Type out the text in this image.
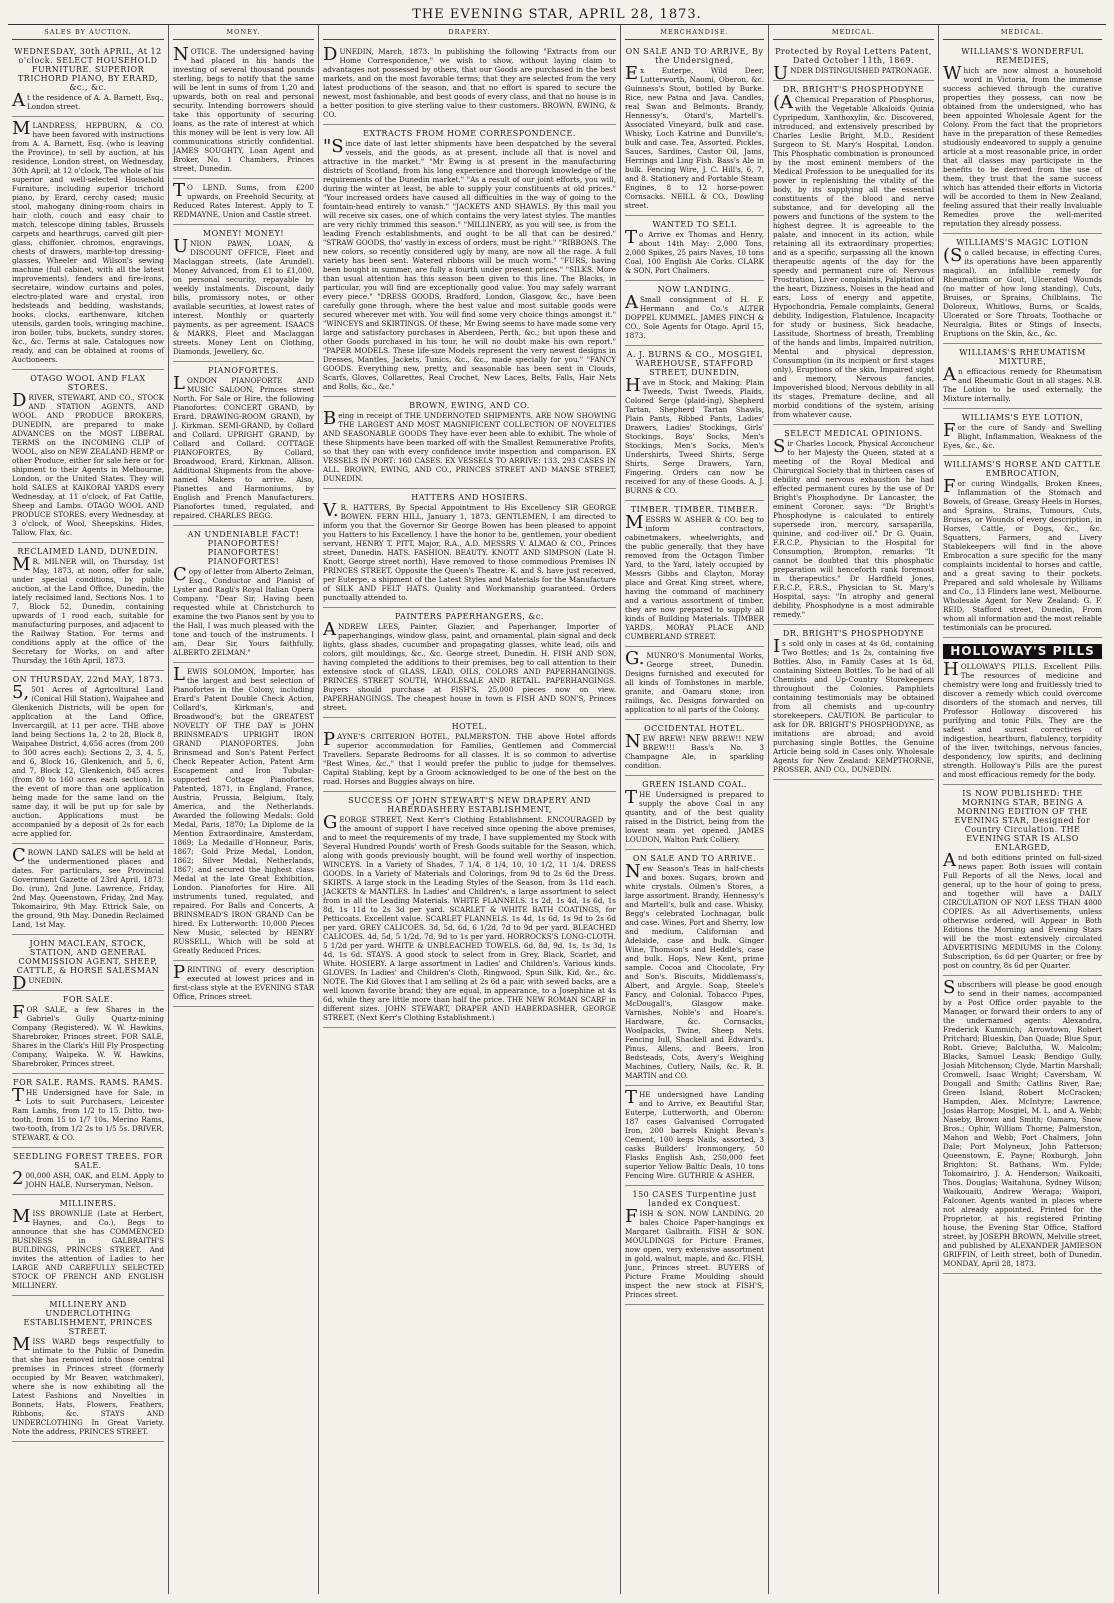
THE EVENING STAR, APRIL 28, 1873.
SALES BY AUCTION.
WEDNESDAY, 30th APRIL, At 12 o'clock. SELECT HOUSEHOLD FURNITURE. SUPERIOR TRICHORD PIANO, BY ERARD, &c., &c.

At the residence of A. A. Barnett, Esq., London street.

MLANDRESS, HEPBURN, & CO. have been favored with instructions from A. A. Barnett, Esq. (who is leaving the Province), to sell by auction, at his residence, London street, on Wednesday, 30th April, at 12 o'clock, The whole of his superior and well-selected Household Furniture, including superior trichord piano, by Erard, cerchy cased; music stool, mahogany dining-room chairs in hair cloth, couch and easy chair to match, telescope dining tables, Brussels carpets and hearthrugs, carved gilt pier-glass, chiffonier, chromos, engravings, chests of drawers, marble-top dressing-glasses, Wheeler and Wilson's sewing machine (full cabinet, with all the latest improvements), fenders and fire-irons, secretaire, window curtains and poles, electro-plated ware and crystal, iron bedsteads and bedding, washstands, books, clocks, earthenware, kitchen utensils, garden tools, wringing machine, iron boiler, tubs, buckets, sundry stores, &c., &c. Terms at sale. Catalogues now ready, and can be obtained at rooms of Auctioneers.

OTAGO WOOL AND FLAX STORES.

DRIVER, STEWART, AND CO., STOCK AND STATION AGENTS, AND WOOL AND PRODUCE BROKERS, DUNEDIN, are prepared to make ADVANCES on the MOST LIBERAL TERMS on the INCOMING CLIP of WOOL, also on NEW ZEALAND HEMP or other Produce, either for sale here or for shipment to their Agents in Melbourne, London, or the United States. They will hold SALES at KAIKORAI YARDS every Wednesday, at 11 o'clock, of Fat Cattle, Sheep and Lambs. OTAGO WOOL AND PRODUCE STORES, every Wednesday, at 3 o'clock, of Wool, Sheepskins, Hides, Tallow, Flax, &c.

RECLAIMED LAND, DUNEDIN.

MR. MILNER will, on Thursday, 1st May, 1873, at noon, offer for sale, under special conditions, by public auction, at the Land Office, Dunedin, the lately reclaimed land, Sections Nos. 1 to 7, Block 52, Dunedin, containing upwards of 1 rood each, suitable for manufacturing purposes, and adjacent to the Railway Station. For terms and conditions apply at the office of the Secretary for Works, on and after Thursday, the 16th April, 1873.

ON THURSDAY, 22nd MAY, 1873.

5,501 Acres of Agricultural Land (Conical Hill Station), Waipahee and Glenkenich Districts, will be open for application at the Land Office, Invercargill, at 11 per acre. THE above land being Sections 1a, 2 to 28, Block 8, Waipahee District, 4,656 acres (from 200 to 300 acres each); Sections 2, 3, 4, 5, and 6, Block 16, Glenkenich, and 5, 6, and 7, Block 12, Glenkenich, 845 acres (from 80 to 160 acres each section). In the event of more than one application being made for the same land on the same day, it will be put up for sale by auction. Applications must be accompanied by a deposit of 2s for each acre applied for.

CROWN LAND SALES will be held at the undermentioned places and dates. For particulars, see Provincial Government Gazette of 23rd April, 1873: Do. (run), 2nd June. Lawrence, Friday, 2nd May. Queenstown, Friday, 2nd May. Tokomairiro, 9th May. Ettrick Sale, on the ground, 9th May. Dunedin Reclaimed Land, 1st May.

JOHN MACLEAN, STOCK, STATION, AND GENERAL COMMISSION AGENT, SHEEP, CATTLE, & HORSE SALESMAN

DUNEDIN.

FOR SALE.

FOR SALE, a few Shares in the Gabriel's Gully Quartz-mining Company (Registered). W. W. Hawkins, Sharebroker, Princes street. FOR SALE, Shares in the Clark's Hill Fly Prospecting Company, Waipeka. W. W. Hawkins, Sharebroker, Princes street.

FOR SALE. RAMS. RAMS. RAMS.

THE Undersigned have for Sale, in Lots to suit Purchasers, Leicester Ram Lambs, from 1/2 to 15. Ditto, two-tooth, from 15 to 1/7 10s. Merino Rams, two-tooth, from 1/2 2s to 1/5 5s. DRIVER, STEWART, & CO.

SEEDLING FOREST TREES. FOR SALE.

200,000 ASH, OAK, and ELM. Apply to JOHN HALE, Nurseryman, Nelson.

MILLINERS.

MISS BROWNLIE (Late at Herbert, Haynes, and Co.), Begs to announce that she has COMMENCED BUSINESS in GALBRAITH'S BUILDINGS, PRINCES STREET, And invites the attention of Ladies to her LARGE AND CAREFULLY SELECTED STOCK OF FRENCH AND ENGLISH MILLINERY.

MILLINERY AND UNDERCLOTHING ESTABLISHMENT, PRINCES STREET.

MISS WARD begs respectfully to intimate to the Public of Dunedin that she has removed into those central premises in Princes street (formerly occupied by Mr Beaver, watchmaker), where she is now exhibiting all the Latest Fashions and Novelties in Bonnets, Hats, Flowers, Feathers, Ribbons, &c. STAYS AND UNDERCLOTHING In Great Variety. Note the address, PRINCES STREET.

MONEY.

NOTICE. The undersigned having had placed in his hands the investing of several thousand pounds sterling, begs to notify that the same will be lent in sums of from 1,20 and upwards, both on real and personal security. Intending borrowers should take this opportunity of securing loans, as the rate of interest at which this money will be lent is very low. All communications strictly confidential. JAMES SOUGHTY, Loan Agent and Broker, No. 1 Chambers, Princes street, Dunedin.

TO LEND. Sums, from £200 upwards, on Freehold Security, at Reduced Rates Interest. Apply to T. REDMAYNE, Union and Castle street.

MONEY! MONEY!

UNION PAWN, LOAN, & DISCOUNT OFFICE, Fleet and Maclaggan streets, (late Arundel). Money Advanced, from £1 to £1,000, on personal security, repayable by weekly instalments. Discount, daily bills, promissory notes, or other available securities, at lowest rates of interest. Monthly or quarterly payments, as per agreement. ISAACS & MARKS, Fleet and Maclaggan streets. Money Lent on Clothing, Diamonds, Jewellery, &c.

PIANOFORTES.

LONDON PIANOFORTE AND MUSIC SALOON, Princes street North. For Sale or Hire, the following Pianofortes: CONCERT GRAND, by Erard. DRAWING-ROOM GRAND, by J. Kirkman. SEMI-GRAND, by Collard and Collard. UPRIGHT GRAND, by Collard and Collard. COTTAGE PIANOFORTES, By Collard, Broadwood, Erard, Kirkman, Allison. Additional Shipments from the above-named Makers to arrive. Also, Pianettes and Harmoniums, by English and French Manufacturers. Pianofortes tuned, regulated, and repaired. CHARLES BEGG.

AN UNDENIABLE FACT! PIANOFORTES! PIANOFORTES! PIANOFORTES!

Copy of letter from Alberto Zelman, Esq., Conductor and Pianist of Lyster and Ragli's Royal Italian Opera Company. "Dear Sir, Having been requested while at Christchurch to examine the two Pianos sent by you to the Hall, I was much pleased with the tone and touch of the instruments. I am, Dear Sir, Yours faithfully, ALBERTO ZELMAN."

LEWIS SOLOMON, Importer, has the largest and best selection of Pianofortes in the Colony, including Erard's Patent Double Check Action, Collard's, Kirkman's, and Broadwood's; but the GREATEST NOVELTY OF THE DAY is JOHN BRINSMEAD'S UPRIGHT IRON GRAND PIANOFORTES. John Brinsmead and Son's Patent Perfect Check Repeater Action, Patent Arm Escapement and Iron Tubular-supported Cottage Pianofortes. Patented, 1871, in England, France, Austria, Prussia, Belgium, Italy, America, and the Netherlands. Awarded the following Medals: Gold Medal, Paris, 1870; La Diplome de la Mention Extraordinaire, Amsterdam, 1869; La Medaille d'Honneur, Paris, 1867; Gold Prize Medal, London, 1862; Silver Medal, Netherlands, 1867; and secured the highest class Medal at the late Great Exhibition, London. Pianofortes for Hire. All instruments tuned, regulated, and repaired. For Balls and Concerts, A BRINSMEAD'S IRON GRAND Can be hired. Ex Lutterworth: 10,000 Pieces New Music, selected by HENRY RUSSELL, Which will be sold at Greatly Reduced Prices.

PRINTING of every description executed at lowest prices and in first-class style at the EVENING STAR Office, Princes street.

DRAPERY.

DUNEDIN, March, 1873. In publishing the following "Extracts from our Home Correspondence," we wish to show, without laying claim to advantages not possessed by others, that our Goods are purchased in the best markets, and on the most favorable terms; that they are selected from the very latest productions of the season, and that no effort is spared to secure the newest, most fashionable, and best goods of every class, and that no house is in a better position to give sterling value to their customers. BROWN, EWING, & CO.

EXTRACTS FROM HOME CORRESPONDENCE.

"Since date of last letter shipments have been despatched by the several vessels, and the goods, as at present, include all that is novel and attractive in the market." "Mr Ewing is at present in the manufacturing districts of Scotland, from his long experience and thorough knowledge of the requirements of the Dunedin market." "As a result of our joint efforts, you will, during the winter at least, be able to supply your constituents at old prices." "Your increased orders have caused all difficulties in the way of going to the fountain-head entirely to vanish." "JACKETS AND SHAWLS. By this mail you will receive six cases, one of which contains the very latest styles. The mantles are very richly trimmed this season." "MILLINERY, as you will see, is from the leading French establishments, and ought to be all that can be desired." "STRAW GOODS, tho' vastly in excess of orders, must be right." "RIBBONS. The new colors, so recently considered ugly by many, are now all the rage. A full variety has been sent. Watered ribbons will be much worn." "FURS, having been bought in summer, are fully a fourth under present prices." "SILKS. More than usual attention has this season been given to this line. The Blacks, in particular, you will find are exceptionally good value. You may safely warrant every piece." "DRESS GOODS, Bradford, London, Glasgow, &c., have been carefully gone through, where the best value and most suitable goods were secured wherever met with. You will find some very choice things amongst it." "WINCEYS and SKIRTINGS. Of these, Mr Ewing seems to have made some very large and satisfactory purchases in Aberdeen, Perth, &c.; but upon these and other Goods purchased in his tour, he will no doubt make his own report." "PAPER MODELS. These life-size Models represent the very newest designs in Dresses, Mantles, Jackets, Tunics, &c., &c., made specially for you." "FANCY GOODS. Everything new, pretty, and seasonable has been sent in Clouds, Scarfs, Gloves, Collarettes, Real Crochet, New Laces, Belts, Falls, Hair Nets and Rolls, &c., &c."

BROWN, EWING, AND CO.

Being in receipt of THE UNDERNOTED SHIPMENTS, ARE NOW SHOWING THE LARGEST AND MOST MAGNIFICENT COLLECTION OF NOVELTIES AND SEASONABLE GOODS They have ever been able to exhibit. The whole of these Shipments have been marked off with the Smallest Remunerative Profits, so that they can with every confidence invite inspection and comparison. EX VESSELS IN PORT: 160 CASES. EX VESSELS TO ARRIVE: 133. 293 CASES IN ALL. BROWN, EWING, AND CO., PRINCES STREET AND MANSE STREET, DUNEDIN.

HATTERS AND HOSIERS.

V.R. HATTERS, By Special Appointment to His Excellency SIR GEORGE BOWEN. FERN HILL, January 1, 1873. GENTLEMEN, I am directed to inform you that the Governor Sir George Bowen has been pleased to appoint you Hatters to his Excellency. I have the honor to be, gentlemen, your obedient servant, HENRY T. PITT, Major, R.A., A.D. MESSRS V. ALMAO & CO., Princes street, Dunedin. HATS. FASHION. BEAUTY. KNOTT AND SIMPSON (Late H. Knott, George street north), Have removed to those commodious Premises IN PRINCES STREET, Opposite the Queen's Theatre. K. and S. have just received, per Euterpe, a shipment of the Latest Styles and Materials for the Manufacture of SILK AND FELT HATS. Quality and Workmanship guaranteed. Orders punctually attended to.

PAINTERS PAPERHANGERS, &c.

ANDREW LEES, Painter, Glazier, and Paperhanger, Importer of paperhangings, window glass, paint, and ornamental, plain signal and deck lights, glass shades, cucumber and propagating glasses, white lead, oils and colors, gilt mouldings, &c., &c. George street, Dunedin. H. FISH AND SON, having completed the additions to their premises, beg to call attention to their extensive stock of GLASS, LEAD, OILS, COLORS AND PAPERHANGINGS. PRINCES STREET SOUTH, WHOLESALE AND RETAIL. PAPERHANGINGS. Buyers should purchase at FISH'S. 25,000 pieces now on view. PAPERHANGINGS. The cheapest house in town is FISH AND SON'S, Princes street.

HOTEL.

PAYNE'S CRITERION HOTEL, PALMERSTON. THE above Hotel affords superior accommodation for Families, Gentlemen and Commercial Travellers. Separate Bedrooms for all classes. It is so common to advertise "Best Wines, &c.," that I would prefer the public to judge for themselves. Capital Stabling, kept by a Groom acknowledged to be one of the best on the road. Horses and Buggies always on hire.

SUCCESS OF JOHN STEWART'S NEW DRAPERY AND HABERDASHERY ESTABLISHMENT,

GEORGE STREET, Next Kerr's Clothing Establishment. ENCOURAGED by the amount of support I have received since opening the above premises, and to meet the requirements of my trade, I have supplemented my Stock with Several Hundred Pounds' worth of Fresh Goods suitable for the Season, which, along with goods previously bought, will be found well worthy of inspection. WINCEYS. In a Variety of Shades, 7 1/4, 8 1/4, 10, 10 1/2, 11 1/4. DRESS GOODS. In a Variety of Materials and Colorings, from 9d to 2s 6d the Dress. SKIRTS. A large stock in the Leading Styles of the Season, from 3s 11d each. JACKETS & MANTLES. In Ladies' and Children's, a large assortment to select from in all the Leading Materials. WHITE FLANNELS. 1s 2d, 1s 4d, 1s 6d, 1s 8d, 1s 11d to 2s 3d per yard. SCARLET & WHITE BATH COATINGS, for Petticoats. Excellent value. SCARLET FLANNELS. 1s 4d, 1s 6d, 1s 9d to 2s 6d per yard. GREY CALICOES. 3d, 5d, 6d, 6 1/2d, 7d to 9d per yard. BLEACHED CALICOES. 4d, 5d, 5 1/2d, 7d, 9d to 1s per yard. HORROCKS'S LONG-CLOTH. 5 1/2d per yard. WHITE & UNBLEACHED TOWELS. 6d, 8d, 9d, 1s, 1s 3d, 1s 4d, 1s 6d. STAYS. A good stock to select from in Grey, Black, Scarlet, and White. HOSIERY. A large assortment in Ladies' and Children's. Various kinds. GLOVES. In Ladies' and Children's Cloth, Ringwood, Spun Silk, Kid, &c., &c. NOTE. The Kid Gloves that I am selling at 2s 6d a pair, with sewed backs, are a well known favorite brand; they are equal, in appearance, to a Josephine at 4s 6d, while they are little more than half the price. THE NEW ROMAN SCARF in different sizes. JOHN STEWART, DRAPER AND HABERDASHER, GEORGE STREET, (Next Kerr's Clothing Establishment.)

MERCHANDISE.
ON SALE AND TO ARRIVE, By the Undersigned,

Ex Euterpe, Wild Deer, Lutterworth, Naomi, Oberon, &c. Guinness's Stout, bottled by Burke. Rice, new Patna and Java. Candles, real Swan and Belmonts. Brandy, Hennessy's, Otard's, Martell's. Associated Vineyard, bulk and case. Whisky, Loch Katrine and Dunville's, bulk and case. Tea, Assorted. Pickles, Sauces, Sardines, Castor Oil, Jams, Herrings and Ling Fish. Bass's Ale in bulk. Fencing Wire, J. C. Hill's, 6, 7, and 8. Stationery and Portable Steam Engines, 8 to 12 horse-power. Cornsacks. NEILL & CO., Dowling street.

WANTED TO SELL

To Arrive ex Thomas and Henry, about 14th May: 2,000 Tons, 2,000 Spikes, 25 pairs Naves, 10 tons Coal, 100 English Ale Corks. CLARK & SON, Port Chalmers.

NOW LANDING.

ASmall consignment of H. F. Hermann and Co.'s ALTER DOPPEL KUMMEL. JAMES FINCH & CO., Sole Agents for Otago. April 15, 1873.

A. J. BURNS & CO., MOSGIEL WAREHOUSE, STAFFORD STREET, DUNEDIN,

Have in Stock, and Making: Plain Tweeds, Twist Tweeds, Plaids, Colored Serge (plaid-ing), Shepherd Tartan, Shepherd Tartan Shawls, Plain Pants, Ribbed Pants, Ladies' Drawers, Ladies' Stockings, Girls' Stockings, Boys' Socks, Men's Stockings, Men's Socks, Men's Undershirts, Tweed Shirts, Serge Shirts, Serge Drawers, Yarn, Fingering. Orders can now be received for any of these Goods. A. J. BURNS & CO.

TIMBER. TIMBER. TIMBER.

MESSRS W. ASHER & CO. beg to inform contractors, cabinetmakers, wheelwrights, and the public generally, that they have removed from the Octagon Timber Yard, to the Yard, lately occupied by Messrs Gibbs and Clayton, Moray place and Great King street, where, having the command of machinery and a various assortment of timber, they are now prepared to supply all kinds of Building Materials. TIMBER YARDS, MORAY PLACE AND CUMBERLAND STREET.

G.MUNRO'S Monumental Works, George street, Dunedin. Designs furnished and executed for all kinds of Tombstones in marble, granite, and Oamaru stone; iron railings, &c. Designs forwarded on application to all parts of the Colony.

OCCIDENTAL HOTEL.

NEW BREW! NEW BREW!! NEW BREW!!! Bass's No. 3 Champagne Ale, in sparkling condition.

GREEN ISLAND COAL.

THE Undersigned is prepared to supply the above Coal in any quantity, and of the best quality raised in the District, being from the lowest seam yet opened. JAMES LOUDON, Walton Park Colliery.

ON SALE AND TO ARRIVE.

New Season's Teas in half-chests and boxes. Sugars, brown and white crystals. Oilmen's Stores, a large assortment. Brandy, Hennessy's and Martell's, bulk and case. Whisky, Begg's celebrated Lochnagar, bulk and case. Wines, Port and Sherry, low and medium, Californian and Adelaide, case and bulk. Ginger Wine, Thomson's and Heddle's, case and bulk. Hops, New Kent, prime sample. Cocoa and Chocolate, Fry and Son's. Biscuits, Middlemass's, Albert, and Argyle. Soap, Steele's Fancy, and Colonial. Tobacco Pipes, McDougall's, Glasgow make. Varnishes, Noble's and Hoare's. Hardware, &c. Cornsacks, Woolpacks, Twine, Sheep Nets. Fencing Iull, Shackell and Edward's. Pinus, Allens, and Beers. Iron Bedsteads, Cots, Avery's Weighing Machines, Cutlery, Nails, &c. R. B. MARTIN and CO.

THE undersigned have Landing and to Arrive, ex Beautiful Star, Euterpe, Lutterworth, and Oberon: 187 cases Galvanised Corrugated Iron, 200 barrels Knight Bevan's Cement, 100 kegs Nails, assorted, 3 casks Builders' Ironmongery, 50 Flasks English Ash, 250,000 feet superior Yellow Baltic Deals, 10 tons Fencing Wire. GUTHRIE & ASHER.

150 CASES Turpentine just landed ex Conquest.

FISH & SON. NOW LANDING. 20 bales Choice Paper-hangings ex Margaret Galbraith. FISH & SON. MOULDINGS for Picture Frames, now open, very extensive assortment in gold, walnut, maple, and &c. FISH, Junr., Princes street. BUYERS of Picture Frame Moulding should inspect the new stock at FISH'S, Princes street.

MEDICAL.
Protected by Royal Letters Patent, Dated October 11th, 1869.

UNDER DISTINGUISHED PATRONAGE.

DR. BRIGHT'S PHOSPHODYNE

(AChemical Preparation of Phosphorus, with the Vegetable Alkaloids Quinia Cypripedum, Xanthoxylin, &c. Discovered, introduced, and extensively prescribed by Charles Leslie Bright, M.D., Resident Surgeon to St. Mary's Hospital, London. This Phosphatic combination is pronounced by the most eminent members of the Medical Profession to be unequalled for its power in replenishing the vitality of the body, by its supplying all the essential constituents of the blood and nerve substance, and for developing all the powers and functions of the system to the highest degree. It is agreeable to the palate, and innocent in its action, while retaining all its extraordinary properties; and as a specific, surpassing all the known therapeutic agents of the day for the speedy and permanent cure of: Nervous Prostration, Liver complaints, Palpitation of the heart, Dizziness, Noises in the head and ears, Loss of energy and appetite, Hypochondria, Female complaints, General debility, Indigestion, Flatulence, Incapacity for study or business, Sick headache, Lassitude, Shortness of breath, Trembling of the hands and limbs, Impaired nutrition, Mental and physical depression, Consumption (in its incipient or first stages only), Eruptions of the skin, Impaired sight and memory, Nervous fancies, Impoverished blood, Nervous debility in all its stages, Premature decline, and all morbid conditions of the system, arising from whatever cause.

SELECT MEDICAL OPINIONS.

Sir Charles Locock, Physical Accoucheur to her Majesty the Queen, stated at a meeting of the Royal Medical and Chirurgical Society that in thirteen cases of debility and nervous exhaustion he had effected permanent cures by the use of Dr Bright's Phosphodyne. Dr Lancaster, the eminent Coroner, says: "Dr Bright's Phosphodyne is calculated to entirely supersede iron, mercury, sarsaparilla, quinine, and cod-liver oil." Dr G. Quain, F.R.C.P., Physician to the Hospital for Consumption, Brompton, remarks: "It cannot be doubted that this phosphatic preparation will henceforth rank foremost in therapeutics." Dr Hardfield Jones, F.R.C.P., F.R.S., Physician to St. Mary's Hospital, says: "In atrophy and general debility, Phosphodyne is a most admirable remedy."

DR. BRIGHT'S PHOSPHODYNE

Is sold only in cases at 4s 6d, containing Two Bottles; and 1s 2s, containing five Bottles. Also, in Family Cases at 1s 6d, containing Sixteen Bottles. To be had of all Chemists and Up-Country Storekeepers throughout the Colonies. Pamphlets containing testimonials may be obtained from all chemists and up-country storekeepers. CAUTION. Be particular to ask for DR. BRIGHT'S PHOSPHODYNE, as imitations are abroad; and avoid purchasing single Bottles, the Genuine Article being sold in Cases only. Wholesale Agents for New Zealand: KEMPTHORNE, PROSSER, AND CO., DUNEDIN.

MEDICAL.
WILLIAMS'S WONDERFUL REMEDIES,

Which are now almost a household word in Victoria, from the immense success achieved through the curative properties they possess, can now be obtained from the undersigned, who has been appointed Wholesale Agent for the Colony. From the fact that the proprietors have in the preparation of these Remedies studiously endeavored to supply a genuine article at a most reasonable price, in order that all classes may participate in the benefits to be derived from the use of them, they trust that the same success which has attended their efforts in Victoria will be accorded to them in New Zealand, feeling assured that their really Invaluable Remedies prove the well-merited reputation they already possess.

WILLIAMS'S MAGIC LOTION

(So called because, in effecting Cures, its operations have been apparently magical), an infallible remedy for Rheumatism or Gout, Ulcerated Wounds (no matter of how long standing), Cuts, Bruises, or Sprains, Chilblains, Tic Doloreux, Whitlows, Burns, or Scalds, Ulcerated or Sore Throats, Toothache or Neuralgia, Bites or Stings of Insects, Eruptions on the Skin, &c., &c.

WILLIAMS'S RHEUMATISM MIXTURE,

An efficacious remedy for Rheumatism and Rheumatic Gout in all stages. N.B. The Lotion to be used externally, the Mixture internally.

WILLIAMS'S EYE LOTION,

For the cure of Sandy and Swelling Blight, Inflammation, Weakness of the Eyes, &c., &c.

WILLIAMS'S HORSE AND CATTLE EMBROCATION,

For curing Windgalls, Broken Knees, Inflammation of the Stomach and Bowels, of Grease, Greasy Heels in Horses, and Sprains, Strains, Tumours, Cuts, Bruises, or Wounds of every description, in Horses, Cattle, or Dogs, &c., &c. Squatters, Farmers, and Livery Stablekeepers will find in the above Embrocation a sure specific for the many complaints incidental to horses and cattle, and a great saving to their pockets. Prepared and sold wholesale by Williams and Co., 13 Flinders lane west, Melbourne. Wholesale Agent for New Zealand: G. F. REID, Stafford street, Dunedin, From whom all information and the most reliable testimonials can be procured.

HOLLOWAY'S PILLS

HOLLOWAY'S PILLS. Excellent Pills. The resources of medicine and chemistry were long and fruitlessly tried to discover a remedy which could overcome disorders of the stomach and nerves, till Professor Holloway discovered his purifying and tonic Pills. They are the safest and surest correctives of indigestion, heartburn, flatulency, torpidity of the liver, twitchings, nervous fancies, despondency, low spirits, and declining strength. Holloway's Pills are the purest and most efficacious remedy for the body.

IS NOW PUBLISHED: THE MORNING STAR, BEING A MORNING EDITION OF THE EVENING STAR, Designed for Country Circulation. THE EVENING STAR IS ALSO ENLARGED,

And both editions printed on full-sized news paper. Both issues will contain Full Reports of all the News, local and general, up to the hour of going to press, and together will have a DAILY CIRCULATION OF NOT LESS THAN 4000 COPIES. As all Advertisements, unless otherwise ordered, will Appear in Both Editions the Morning and Evening Stars will be the most extensively circulated ADVERTISING MEDIUMS in the Colony. Subscription, 6s 6d per Quarter; or free by post on country, 8s 6d per Quarter.

Subscribers will please be good enough to send in their names, accompanied by a Post Office order payable to the Manager, or forward their orders to any of the undernamed agents: Alexandra, Frederick Kummich; Arrowtown, Robert Pritchard; Blueskin, Dan Quade; Blue Spur, Robt. Grieve; Balclutha, W. Malcolm; Blacks, Samuel Leask; Bendigo Gully, Josiah Mitchenson; Clyde, Martin Marshall; Cromwell, Isaac Wright; Caversham, W. Dougall and Smith; Catlins River, Rae; Green Island, Robert McCracken; Hampden, Alex. McIntyre; Lawrence, Josias Harrop; Mosgiel, M. L. and A. Webb; Naseby, Brown and Smith; Oamaru, Snow Bros.; Ophir, William Thorne; Palmerston, Mahon and Webb; Port Chalmers, John Dale; Port Molyneux, John Patterson; Queenstown, E. Payne; Roxburgh, John Brighton; St. Bathans, Wm. Fylde; Tokomairiro, J. A. Henderson; Waikoaiti, Thos. Douglas; Waitahuna, Sydney Wilson; Waikouaiti, Andrew Weraga; Waipori, Falconer. Agents wanted in places where not already appointed. Printed for the Proprietor, at his registered Printing house, the Evening Star Office, Stafford street, by JOSEPH BROWN, Melville street, and published by ALEXANDER JAMIESON GRIFFIN, of Leith street, both of Dunedin. MONDAY, April 28, 1873.
